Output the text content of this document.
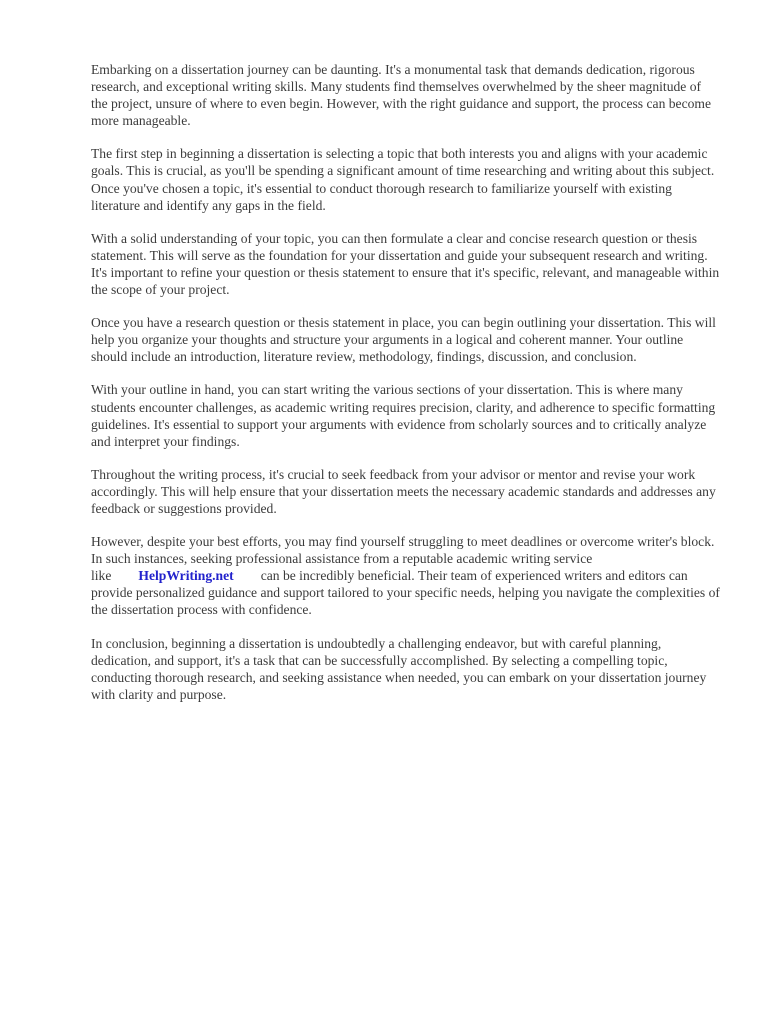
Embarking on a dissertation journey can be daunting. It's a monumental task that demands dedication, rigorous research, and exceptional writing skills. Many students find themselves overwhelmed by the sheer magnitude of the project, unsure of where to even begin. However, with the right guidance and support, the process can become more manageable.

The first step in beginning a dissertation is selecting a topic that both interests you and aligns with your academic goals. This is crucial, as you'll be spending a significant amount of time researching and writing about this subject. Once you've chosen a topic, it's essential to conduct thorough research to familiarize yourself with existing literature and identify any gaps in the field.

With a solid understanding of your topic, you can then formulate a clear and concise research question or thesis statement. This will serve as the foundation for your dissertation and guide your subsequent research and writing. It's important to refine your question or thesis statement to ensure that it's specific, relevant, and manageable within the scope of your project.

Once you have a research question or thesis statement in place, you can begin outlining your dissertation. This will help you organize your thoughts and structure your arguments in a logical and coherent manner. Your outline should include an introduction, literature review, methodology, findings, discussion, and conclusion.

With your outline in hand, you can start writing the various sections of your dissertation. This is where many students encounter challenges, as academic writing requires precision, clarity, and adherence to specific formatting guidelines. It's essential to support your arguments with evidence from scholarly sources and to critically analyze and interpret your findings.

Throughout the writing process, it's crucial to seek feedback from your advisor or mentor and revise your work accordingly. This will help ensure that your dissertation meets the necessary academic standards and addresses any feedback or suggestions provided.

However, despite your best efforts, you may find yourself struggling to meet deadlines or overcome writer's block. In such instances, seeking professional assistance from a reputable academic writing service like HelpWriting.net can be incredibly beneficial. Their team of experienced writers and editors can provide personalized guidance and support tailored to your specific needs, helping you navigate the complexities of the dissertation process with confidence.

In conclusion, beginning a dissertation is undoubtedly a challenging endeavor, but with careful planning, dedication, and support, it's a task that can be successfully accomplished. By selecting a compelling topic, conducting thorough research, and seeking assistance when needed, you can embark on your dissertation journey with clarity and purpose.
